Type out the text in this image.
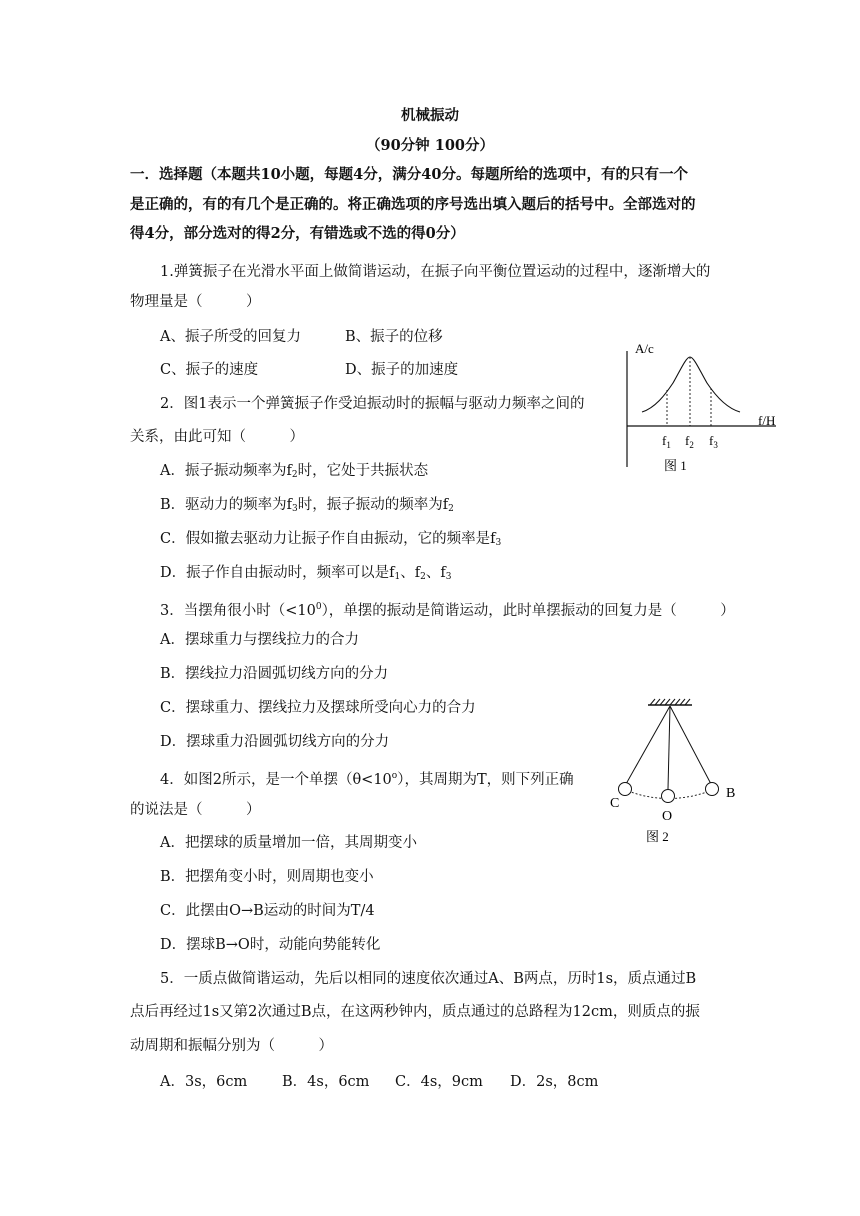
机械振动
（90分钟 100分）
一．选择题（本题共10小题，每题4分，满分40分。每题所给的选项中，有的只有一个
是正确的，有的有几个是正确的。将正确选项的序号选出填入题后的括号中。全部选对的
得4分，部分选对的得2分，有错选或不选的得0分）
1.弹簧振子在光滑水平面上做简谐运动，在振子向平衡位置运动的过程中，逐渐增大的
物理量是（　　　）
A、振子所受的回复力	B、振子的位移
C、振子的速度	D、振子的加速度
2．图1表示一个弹簧振子作受迫振动时的振幅与驱动力频率之间的
关系，由此可知（　　　）
A．振子振动频率为$f_2$时，它处于共振状态
B．驱动力的频率为$f_3$时，振子振动的频率为$f_2$
C．假如撤去驱动力让振子作自由振动，它的频率是$f_3$
D．振子作自由振动时，频率可以是$f_1$、$f_2$、$f_3$
3．当摆角很小时$(<10^0)$，单摆的振动是简谐运动，此时单摆振动的回复力是（　　　）
A．摆球重力与摆线拉力的合力
B．摆线拉力沿圆弧切线方向的分力
C．摆球重力、摆线拉力及摆球所受向心力的合力
D．摆球重力沿圆弧切线方向的分力
4．如图2所示，是一个单摆$(\theta<10^o)$，其周期为T，则下列正确
的说法是（　　　）
A．把摆球的质量增加一倍，其周期变小
B．把摆角变小时，则周期也变小
C．此摆由O→B运动的时间为T/4
D．摆球B→O时，动能向势能转化
5．一质点做简谐运动，先后以相同的速度依次通过A、B两点，历时1s，质点通过B
点后再经过1s又第2次通过B点，在这两秒钟内，质点通过的总路程为12cm，则质点的振
动周期和振幅分别为（　　　）
A．3s，6cm B．4s，6cm C．4s，9cm D．2s，8cm
A/c
f/H
$f_1$ $f_2$ $f_3$
图 1
C
O
B
图 2
